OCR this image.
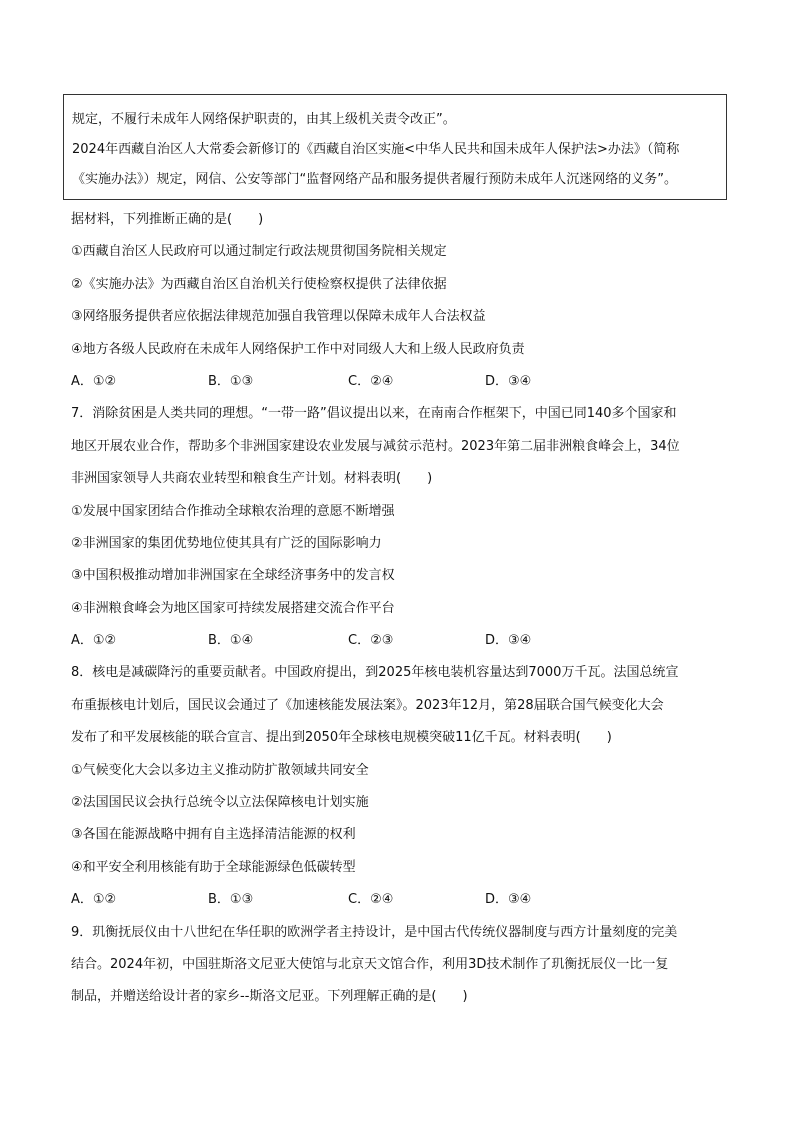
规定，不履行未成年人网络保护职责的，由其上级机关责令改正”。

2024年西藏自治区人大常委会新修订的《西藏自治区实施<中华人民共和国未成年人保护法>办法》（简称

《实施办法》）规定，网信、公安等部门“监督网络产品和服务提供者履行预防未成年人沉迷网络的义务”。

据材料，下列推断正确的是(　　)
①西藏自治区人民政府可以通过制定行政法规贯彻国务院相关规定
②《实施办法》为西藏自治区自治机关行使检察权提供了法律依据
③网络服务提供者应依据法律规范加强自我管理以保障未成年人合法权益
④地方各级人民政府在未成年人网络保护工作中对同级人大和上级人民政府负责
A．①②	B．①③	C．②④	D．③④
7．消除贫困是人类共同的理想。“一带一路”倡议提出以来，在南南合作框架下，中国已同140多个国家和
地区开展农业合作，帮助多个非洲国家建设农业发展与减贫示范村。2023年第二届非洲粮食峰会上，34位
非洲国家领导人共商农业转型和粮食生产计划。材料表明(　　)
①发展中国家团结合作推动全球粮农治理的意愿不断增强
②非洲国家的集团优势地位使其具有广泛的国际影响力
③中国积极推动增加非洲国家在全球经济事务中的发言权
④非洲粮食峰会为地区国家可持续发展搭建交流合作平台
A．①②	B．①④	C．②③	D．③④
8．核电是减碳降污的重要贡献者。中国政府提出，到2025年核电装机容量达到7000万千瓦。法国总统宣
布重振核电计划后，国民议会通过了《加速核能发展法案》。2023年12月，第28届联合国气候变化大会
发布了和平发展核能的联合宣言、提出到2050年全球核电规模突破11亿千瓦。材料表明(　　)
①气候变化大会以多边主义推动防扩散领域共同安全
②法国国民议会执行总统令以立法保障核电计划实施
③各国在能源战略中拥有自主选择清洁能源的权利
④和平安全利用核能有助于全球能源绿色低碳转型
A．①②	B．①③	C．②④	D．③④
9．玑衡抚辰仪由十八世纪在华任职的欧洲学者主持设计，是中国古代传统仪器制度与西方计量刻度的完美
结合。2024年初，中国驻斯洛文尼亚大使馆与北京天文馆合作，利用3D技术制作了玑衡抚辰仪一比一复
制品，并赠送给设计者的家乡--斯洛文尼亚。下列理解正确的是(　　)
